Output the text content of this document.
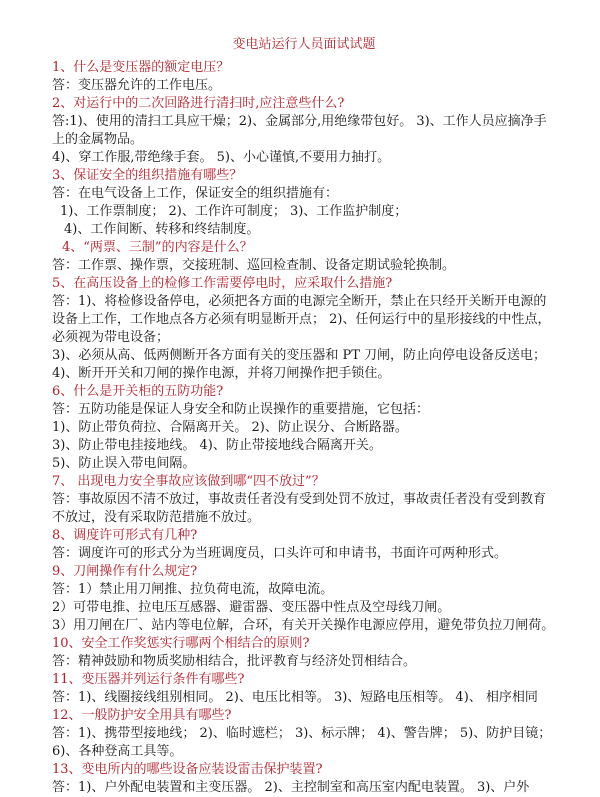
变电站运行人员面试试题

1、什么是变压器的额定电压？

答：变压器允许的工作电压。

2、对运行中的二次回路进行清扫时,应注意些什么?

答:1)、使用的清扫工具应干燥；2)、金属部分,用绝缘带包好。 3)、工作人员应摘净手上的金属物品。

4)、穿工作服,带绝缘手套。 5)、小心谨慎,不要用力抽打。

3、保证安全的组织措施有哪些？

答：在电气设备上工作，保证安全的组织措施有：

1)、工作票制度； 2)、工作许可制度； 3)、工作监护制度；

4)、工作间断、转移和终结制度。

4、“两票、三制”的内容是什么？

答：工作票、操作票，交接班制、巡回检查制、设备定期试验轮换制。

5、在高压设备上的检修工作需要停电时，应采取什么措施?

答：1)、将检修设备停电，必须把各方面的电源完全断开，禁止在只经开关断开电源的设备上工作，工作地点各方必须有明显断开点； 2)、任何运行中的星形接线的中性点，必须视为带电设备；

3)、必须从高、低两侧断开各方面有关的变压器和 PT 刀闸，防止向停电设备反送电；

4)、断开开关和刀闸的操作电源，并将刀闸操作把手锁住。

6、什么是开关柜的五防功能?

答：五防功能是保证人身安全和防止误操作的重要措施，它包括：

1)、防止带负荷拉、合隔离开关。 2)、防止误分、合断路器。

3)、防止带电挂接地线。 4)、防止带接地线合隔离开关。

5)、防止误入带电间隔。

7、 出现电力安全事故应该做到哪“四不放过”？

答：事故原因不清不放过，事故责任者没有受到处罚不放过，事故责任者没有受到教育不放过，没有采取防范措施不放过。

8、调度许可形式有几种?

答：调度许可的形式分为当班调度员，口头许可和申请书，书面许可两种形式。

9、刀闸操作有什么规定?

答：1）禁止用刀闸推、拉负荷电流，故障电流。

2）可带电推、拉电压互感器、避雷器、变压器中性点及空母线刀闸。

3）用刀闸在厂、站内等电位解，合环，有关开关操作电源应停用，避免带负拉刀闸荷。

10、安全工作奖惩实行哪两个相结合的原则?

答：精神鼓励和物质奖励相结合，批评教育与经济处罚相结合。

11、变压器并列运行条件有哪些?

答：1)、线圈接线组别相同。 2)、电压比相等。 3)、短路电压相等。 4)、 相序相同

12、一般防护安全用具有哪些?

答：1)、携带型接地线； 2)、临时遮栏； 3)、标示牌； 4)、警告牌； 5)、防护目镜；

6)、各种登高工具等。

13、变电所内的哪些设备应装设雷击保护装置?

答：1)、户外配电装置和主变压器。 2)、主控制室和高压室内配电装置。 3)、户外
